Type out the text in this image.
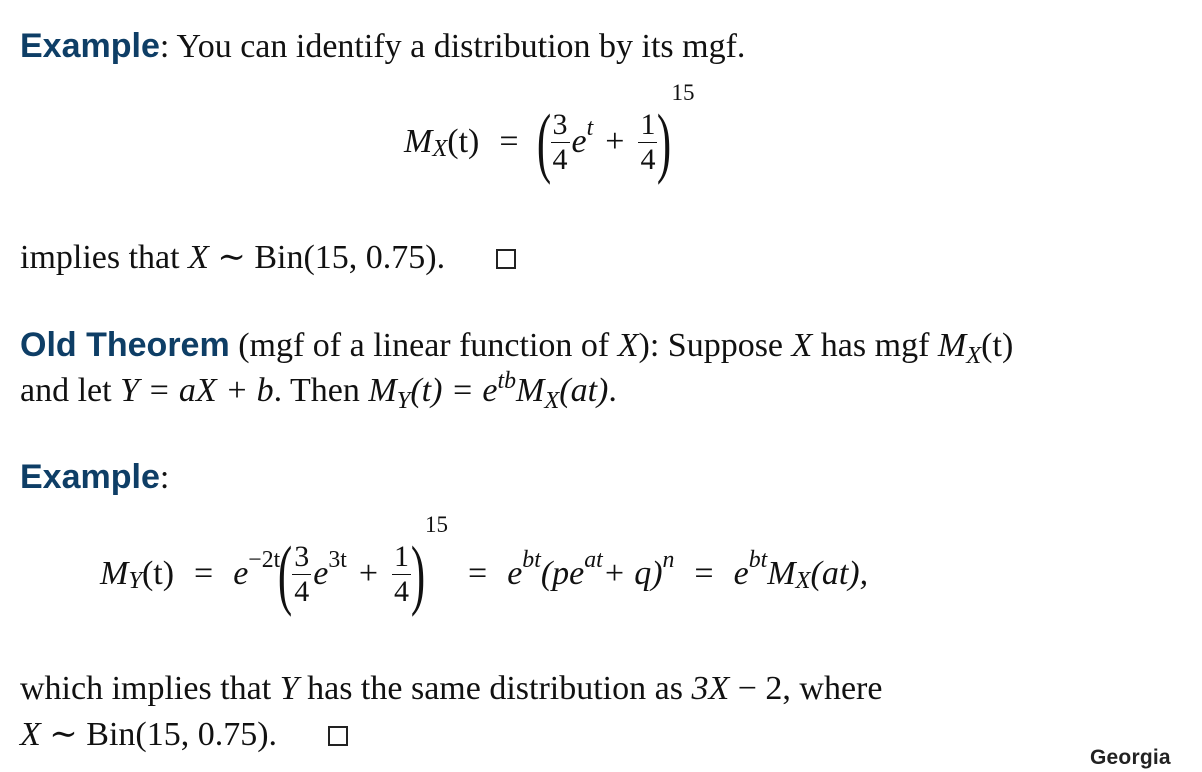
Example: You can identify a distribution by its mgf.
M X (t) = ( $\frac{3}{4}$ e $t + \frac{1}{4}$ )
15
implies that X ∼ Bin(15, 0.75).
Old Theorem (mgf of a linear function of X): Suppose X has mgf $M_X(t)$
and let Y = aX + b. Then $M_Y(t) = e^{tb}M_X(at)$.
Example:
M Y (t) = e −2t
( $\frac{3}{4}$ e $3t + \frac{1}{4}$ )
15
= e bt (pe at + q) n = e bt M X (at),
which implies that Y has the same distribution as 3X − 2, where
X ∼ Bin(15, 0.75).
Georgia
